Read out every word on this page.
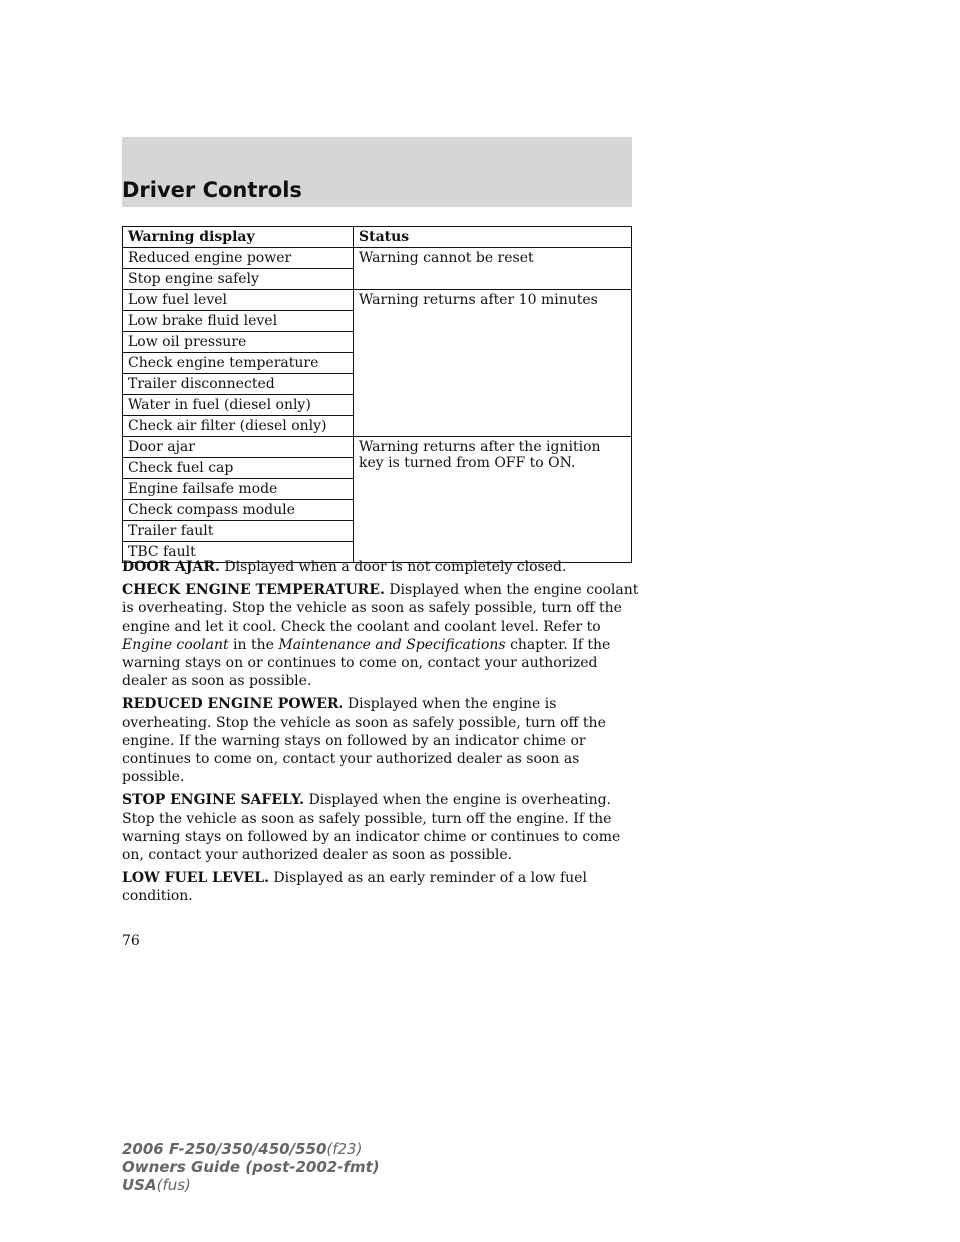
Driver Controls
Warning display	Status
Reduced engine power	Warning cannot be reset
Stop engine safely	
Low fuel level	Warning returns after 10 minutes
Low brake fluid level	
Low oil pressure	
Check engine temperature	
Trailer disconnected	
Water in fuel (diesel only)	
Check air filter (diesel only)	
Door ajar	Warning returns after the ignition key is turned from OFF to ON.
Check fuel cap	
Engine failsafe mode	
Check compass module	
Trailer fault	
TBC fault	

DOOR AJAR. Displayed when a door is not completely closed.

CHECK ENGINE TEMPERATURE. Displayed when the engine coolant is overheating. Stop the vehicle as soon as safely possible, turn off the engine and let it cool. Check the coolant and coolant level. Refer to Engine coolant in the Maintenance and Specifications chapter. If the warning stays on or continues to come on, contact your authorized dealer as soon as possible.

REDUCED ENGINE POWER. Displayed when the engine is overheating. Stop the vehicle as soon as safely possible, turn off the engine. If the warning stays on followed by an indicator chime or continues to come on, contact your authorized dealer as soon as possible.

STOP ENGINE SAFELY. Displayed when the engine is overheating. Stop the vehicle as soon as safely possible, turn off the engine. If the warning stays on followed by an indicator chime or continues to come on, contact your authorized dealer as soon as possible.

LOW FUEL LEVEL. Displayed as an early reminder of a low fuel condition.

76
2006 F-250/350/450/550(f23)
Owners Guide (post-2002-fmt)
USA(fus)
